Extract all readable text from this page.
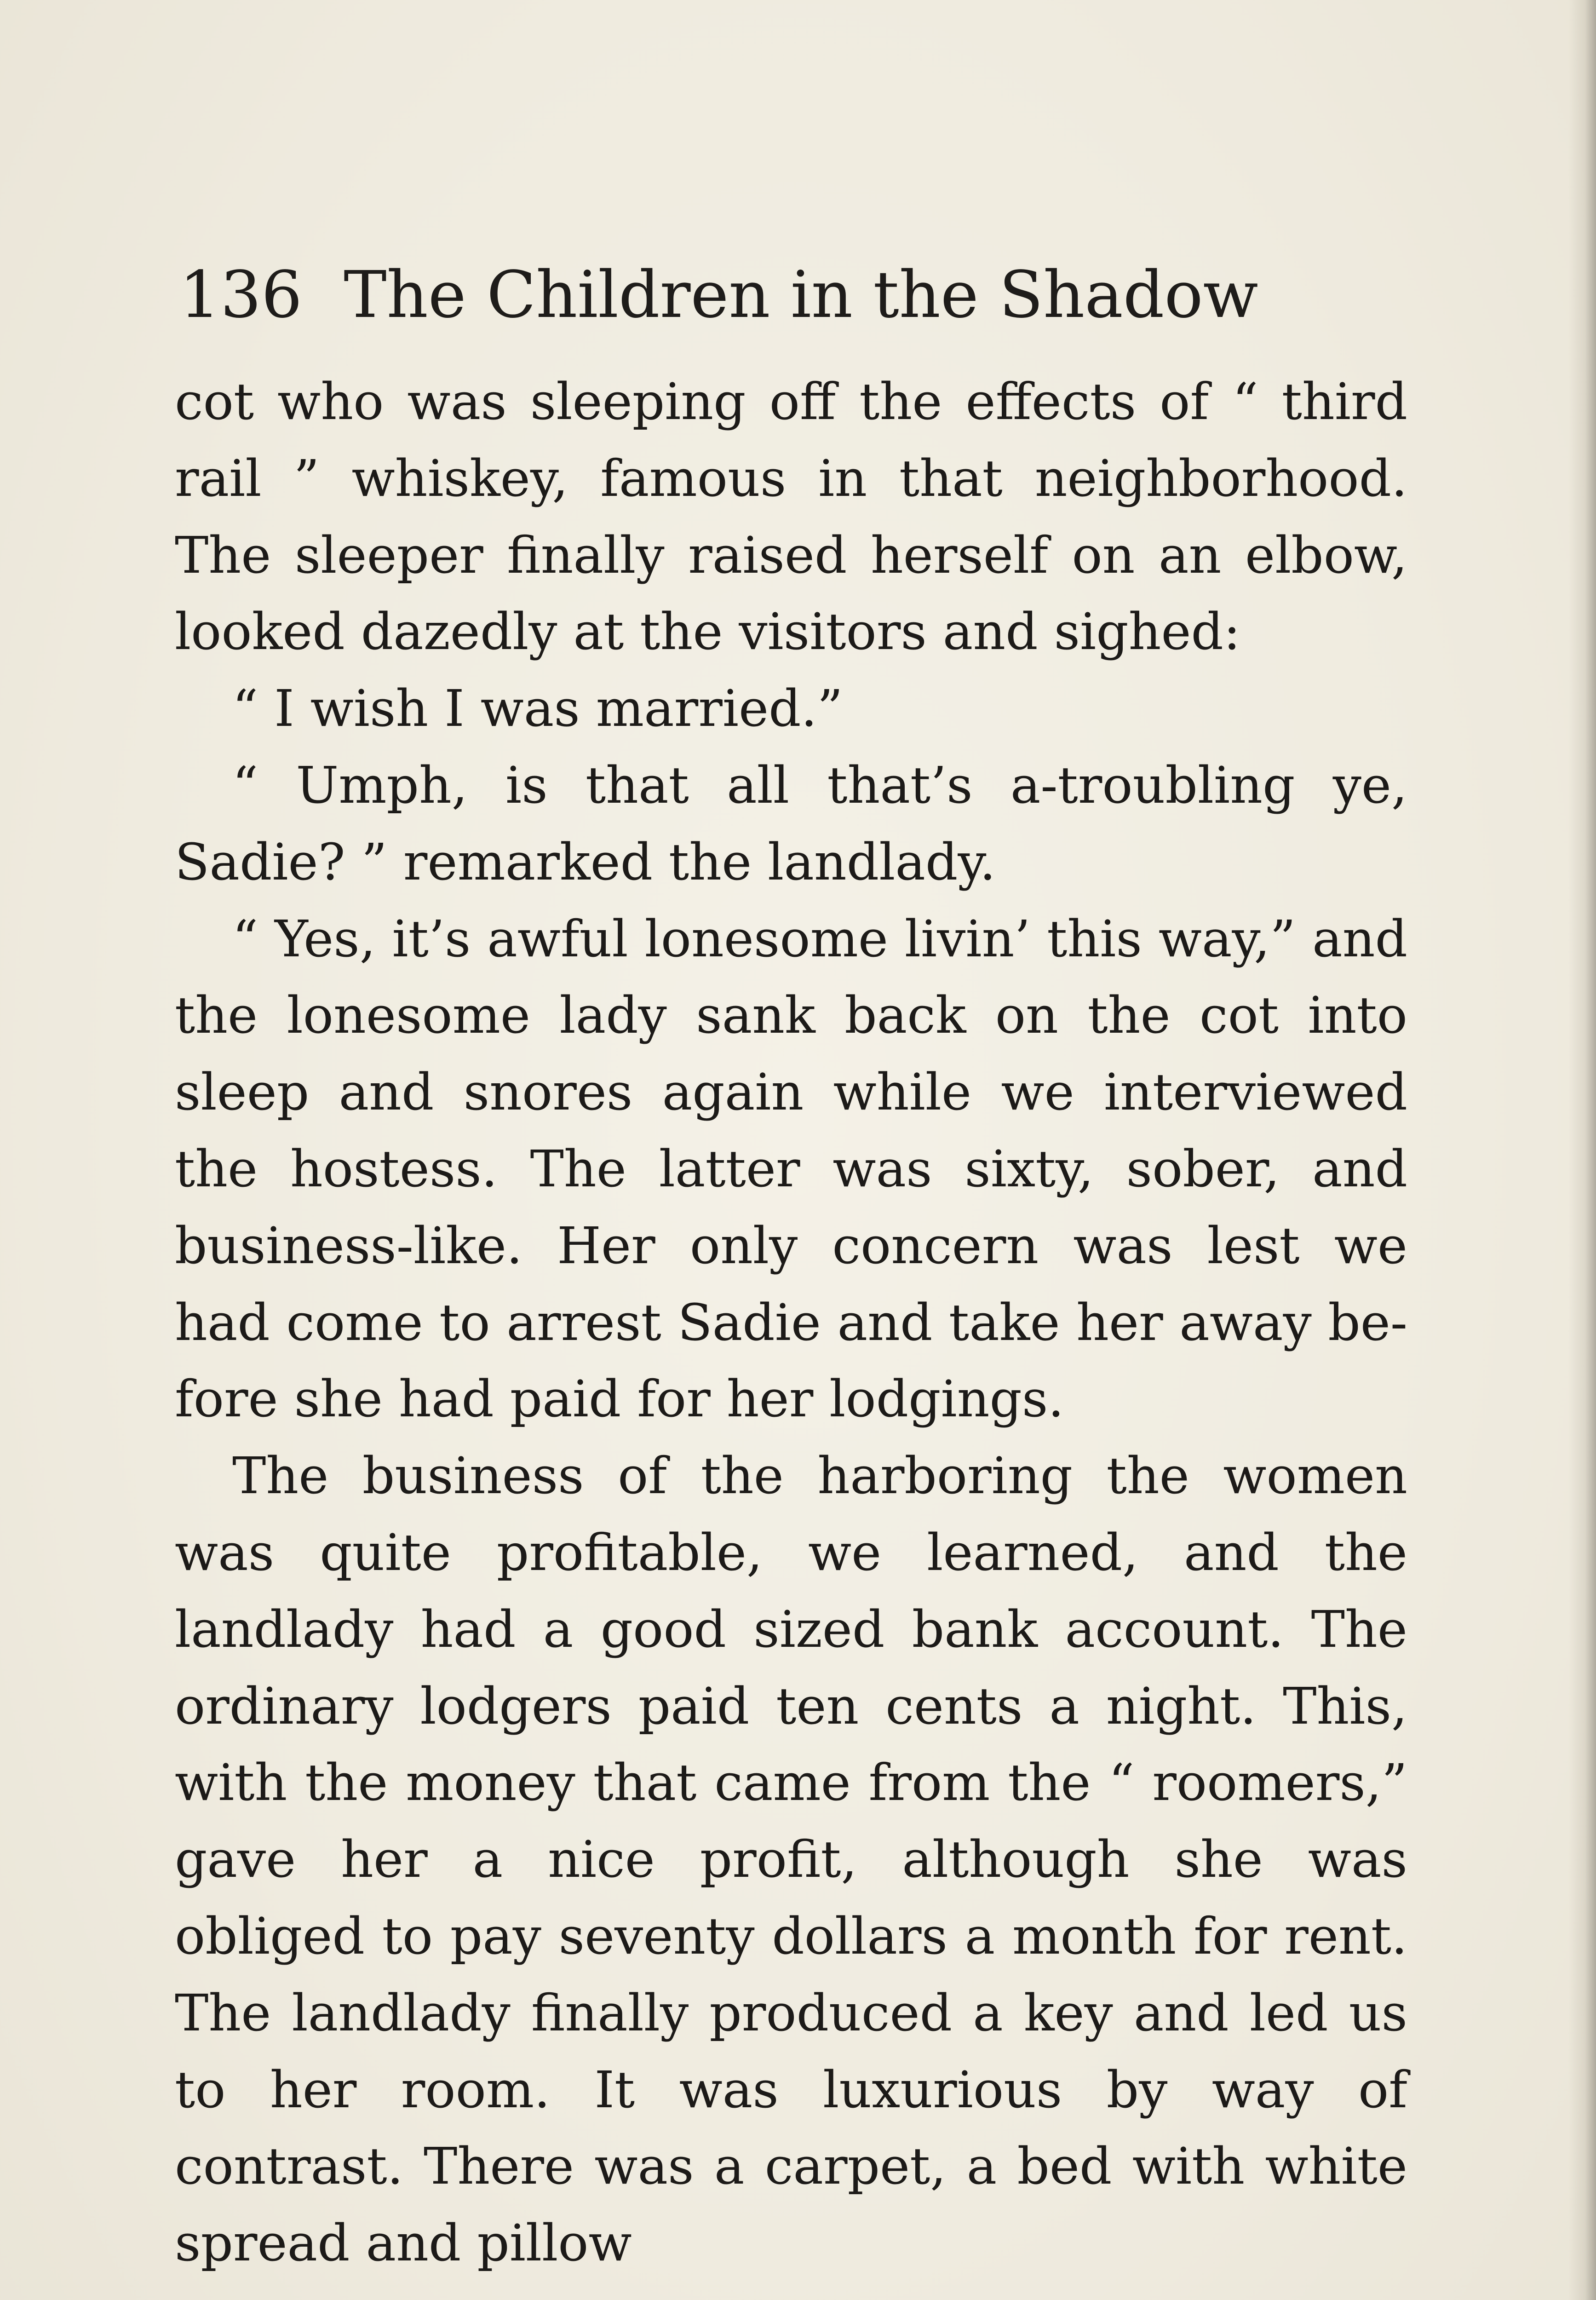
136 The Children in the Shadow

cot who was sleeping off the effects of “ third rail ” whiskey, famous in that neighborhood. The sleeper finally raised herself on an elbow, looked dazedly at the visitors and sighed:

“ I wish I was married.”

“ Umph, is that all that’s a-troubling ye, Sadie? ” remarked the landlady.

“ Yes, it’s awful lonesome livin’ this way,” and the lonesome lady sank back on the cot into sleep and snores again while we interviewed the hostess. The latter was sixty, sober, and business-like. Her only concern was lest we had come to arrest Sadie and take her away be-fore she had paid for her lodgings.

The business of the harboring the women was quite profitable, we learned, and the landlady had a good sized bank account. The ordinary lodgers paid ten cents a night. This, with the money that came from the “ roomers,” gave her a nice profit, although she was obliged to pay seventy dollars a month for rent. The landlady finally produced a key and led us to her room. It was luxurious by way of contrast. There was a carpet, a bed with white spread and pillow
